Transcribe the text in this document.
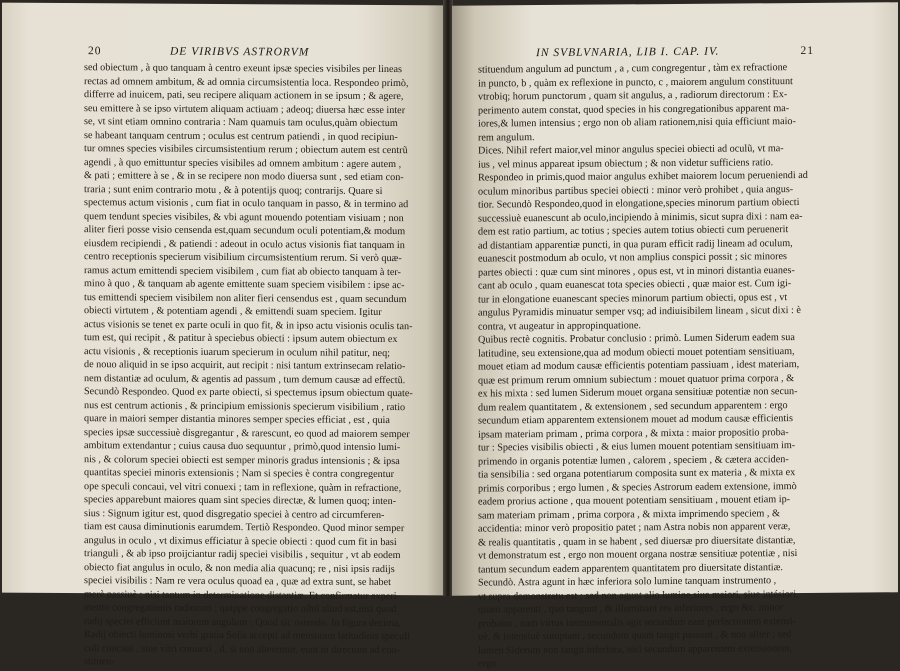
20	DE VIRIBVS ASTRORVM
sed obiectum , à quo tanquam à centro exeunt ipsæ species visibiles per lineas
rectas ad omnem ambitum, & ad omnia circumsistentia loca. Respondeo primò,
differre ad inuicem, pati, seu recipere aliquam actionem in se ipsum ; & agere,
seu emittere à se ipso virtutem aliquam actiuam ; adeoq; diuersa hæc esse inter
se, vt sint etiam omnino contraria : Nam quamuis tam oculus,quàm obiectum
se habeant tanquam centrum ; oculus est centrum patiendi , in quod recipiun-
tur omnes species visibiles circumsistentium rerum ; obiectum autem est centrũ
agendi , à quo emittuntur species visibiles ad omnem ambitum : agere autem ,
& pati ; emittere à se , & in se recipere non modo diuersa sunt , sed etiam con-
traria ; sunt enim contrario motu , & à potentijs quoq; contrarijs. Quare si
spectemus actum visionis , cum fiat in oculo tanquam in passo, & in termino ad
quem tendunt species visibiles, & vbi agunt mouendo potentiam visiuam ; non
aliter fieri posse visio censenda est,quam secundum oculi potentiam,& modum
eiusdem recipiendi , & patiendi : adeout in oculo actus visionis fiat tanquam in
centro receptionis specierum visibilium circumsistentium rerum. Si verò quæ-
ramus actum emittendi speciem visibilem , cum fiat ab obiecto tanquam à ter-
mino à quo , & tanquam ab agente emittente suam speciem visibilem : ipse ac-
tus emittendi speciem visibilem non aliter fieri censendus est , quam secundum
obiecti virtutem , & potentiam agendi , & emittendi suam speciem. Igitur
actus visionis se tenet ex parte oculi in quo fit, & in ipso actu visionis oculis tan-
tum est, qui recipit , & patitur à speciebus obiecti : ipsum autem obiectum ex
actu visionis , & receptionis iuarum specierum in oculum nihil patitur, neq;
de nouo aliquid in se ipso acquirit, aut recipit : nisi tantum extrinsecam relatio-
nem distantiæ ad oculum, & agentis ad passum , tum demum causæ ad effectũ.
Secundò Respondeo. Quod ex parte obiecti, si spectemus ipsum obiectum quate-
nus est centrum actionis , & principium emissionis specierum visibilium , ratio
quare in maiori semper distantia minores semper species efficiat , est , quia
species ipsæ successiuè disgregantur , & rarescunt, eo quod ad maiorem semper
ambitum extendantur ; cuius causa duo sequuntur , primò,quod intensio lumi-
nis , & colorum speciei obiecti est semper minoris gradus intensionis ; & ipsa
quantitas speciei minoris extensionis ; Nam si species è contra congregentur
ope speculi concaui, vel vitri conuexi ; tam in reflexione, quàm in refractione,
species apparebunt maiores quam sint species directæ, & lumen quoq; inten-
sius : Signum igitur est, quod disgregatio speciei à centro ad circumferen-
tiam est causa diminutionis earumdem. Tertiò Respondeo. Quod minor semper
angulus in oculo , vt diximus efficiatur à specie obiecti : quod cum fit in basi
trianguli , & ab ipso proijciantur radij speciei visibilis , sequitur , vt ab eodem
obiecto fiat angulus in oculo, & non media alia quacunq; re , nisi ipsis radijs
speciei visibilis : Nam re vera oculus quoad ea , quæ ad extra sunt, se habet
merè passiuè : nisi tantum in determinatione distantiæ. Et confirmatur experi-
mento congregationis radiorum ; quippe congregatio nihil aliud est,nisi quod
radij speciei efficiunt maiorem angulum : Quod sic ostendo. In figura decima,
Radij obiecti luminosi verbi gratia Solis accepti ad mensuram latitudinis speculi
culi concaui , siue vitri conuexi , d, si non alterentur, eunt in directum ad con-
stituen-
IN SVBLVNARIA, LIB I. CAP. IV.	21
stituendum angulum ad punctum , a , cum congregentur , tàm ex refractione
in puncto, b , quàm ex reflexione in puncto, c , maiorem angulum constituunt
vtrobiq; horum punctorum , quam sit angulus, a , radiorum directorum : Ex-
perimento autem constat, quod species in his congregationibus apparent ma-
iores,& lumen intensius ; ergo non ob aliam rationem,nisi quia efficiunt maio-
rem angulum.
Dices. Nihil refert maior,vel minor angulus speciei obiecti ad oculũ, vt ma-
ius , vel minus appareat ipsum obiectum ; & non videtur sufficiens ratio.
Respondeo in primis,quod maior angulus exhibet maiorem locum perueniendi ad
oculum minoribus partibus speciei obiecti : minor verò prohibet , quia angus-
tior. Secundò Respondeo,quod in elongatione,species minorum partium obiecti
successiuè euanescunt ab oculo,incipiendo à minimis, sicut supra dixi : nam ea-
dem est ratio partium, ac totius ; species autem totius obiecti cum peruenerit
ad distantiam apparentiæ puncti, in qua puram efficit radij lineam ad oculum,
euanescit postmodum ab oculo, vt non amplius conspici possit ; sic minores
partes obiecti : quæ cum sint minores , opus est, vt in minori distantia euanes-
cant ab oculo , quam euanescat tota species obiecti , quæ maior est. Cum igi-
tur in elongatione euanescant species minorum partium obiecti, opus est , vt
angulus Pyramidis minuatur semper vsq; ad indiuisibilem lineam , sicut dixi : è
contra, vt augeatur in appropinquatione.
Quibus rectè cognitis. Probatur conclusio : primò. Lumen Siderum eadem sua
latitudine, seu extensione,qua ad modum obiecti mouet potentiam sensitiuam,
mouet etiam ad modum causæ efficientis potentiam passiuam , idest materiam,
quæ est primum rerum omnium subiectum : mouet quatuor prima corpora , &
ex his mixta : sed lumen Siderum mouet organa sensitiuæ potentiæ non secun-
dum realem quantitatem , & extensionem , sed secundum apparentem : ergo
secundum etiam apparentem extensionem mouet ad modum causæ efficientis
ipsam materiam primam , prima corpora , & mixta : maior propositio proba-
tur : Species visibilis obiecti , & eius lumen mouent potentiam sensitiuam im-
primendo in organis potentiæ lumen , calorem , speciem , & cætera acciden-
tia sensibilia : sed organa potentiarum composita sunt ex materia , & mixta ex
primis corporibus ; ergo lumen , & species Astrorum eadem extensione, immò
eadem prorius actione , qua mouent potentiam sensitiuam , mouent etiam ip-
sam materiam primam , prima corpora , & mixta imprimendo speciem , &
accidentia: minor verò propositio patet ; nam Astra nobis non apparent veræ,
& realis quantitatis , quam in se habent , sed diuersæ pro diuersitate distantiæ,
vt demonstratum est , ergo non mouent organa nostræ sensitiuæ potentiæ , nisi
tantum secundum eadem apparentem quantitatem pro diuersitate distantiæ.
Secundò. Astra agunt in hæc inferiora solo lumine tanquam instrumento ,
vt supra demonstratu est ; sed non agunt alio lumine,siue maiori, siue intésiori,
quam apparenti , quo tangunt , & illuminant res inferiores , ergo &c. minor
probatur , nam virtus instrumentalis agit secundum eam perfectionem extensi-
uè, & intensiuè sumptam , secundum quam tangit passum , & non aliter ; sed
lumen Siderum non tangit inferiora, nisi secundum apparentem extensionem,
ergo
